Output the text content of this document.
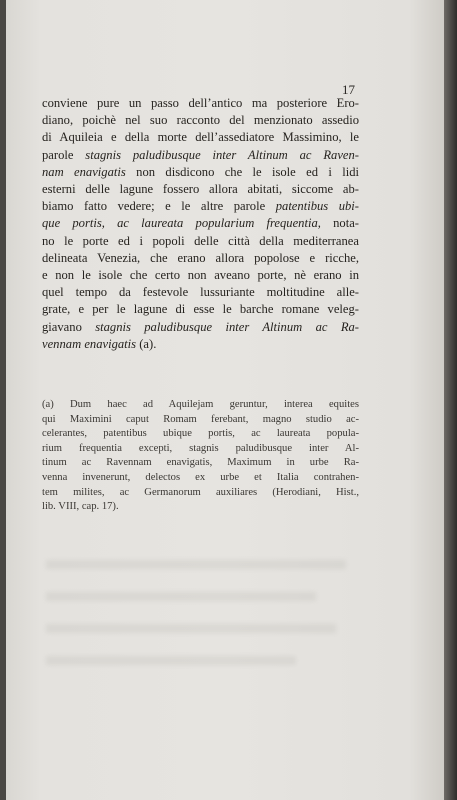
17
conviene pure un passo dell’antico ma posteriore Ero-
diano, poichè nel suo racconto del menzionato assedio
di Aquileia e della morte dell’assediatore Massimino, le
parole stagnis paludibusque inter Altinum ac Raven-
nam enavigatis non disdicono che le isole ed i lidi
esterni delle lagune fossero allora abitati, siccome ab-
biamo fatto vedere; e le altre parole patentibus ubi-
que portis, ac laureata popularium frequentia, nota-
no le porte ed i popoli delle città della mediterranea
delineata Venezia, che erano allora popolose e ricche,
e non le isole che certo non aveano porte, nè erano in
quel tempo da festevole lussuriante moltitudine alle-
grate, e per le lagune di esse le barche romane veleg-
giavano stagnis paludibusque inter Altinum ac Ra-
vennam enavigatis (a).
(a) Dum haec ad Aquilejam geruntur, interea equites
qui Maximini caput Romam ferebant, magno studio ac-
celerantes, patentibus ubique portis, ac laureata popula-
rium frequentia excepti, stagnis paludibusque inter Al-
tinum ac Ravennam enavigatis, Maximum in urbe Ra-
venna invenerunt, delectos ex urbe et Italia contrahen-
tem milites, ac Germanorum auxiliares (Herodiani, Hist.,
lib. VIII, cap. 17).
